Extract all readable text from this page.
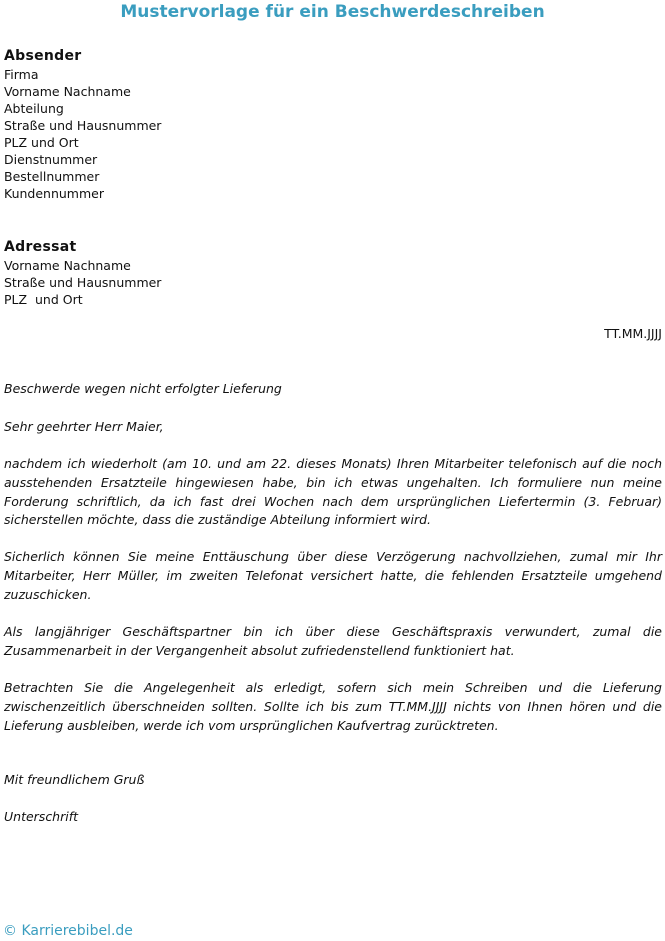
Mustervorlage für ein Beschwerdeschreiben
Absender
Firma
Vorname Nachname
Abteilung
Straße und Hausnummer
PLZ und Ort
Dienstnummer
Bestellnummer
Kundennummer
Adressat
Vorname Nachname
Straße und Hausnummer
PLZ  und Ort
TT.MM.JJJJ
Beschwerde wegen nicht erfolgter Lieferung
Sehr geehrter Herr Maier,
nachdem ich wiederholt (am 10. und am 22. dieses Monats) Ihren Mitarbeiter telefonisch auf die noch ausstehenden Ersatzteile hingewiesen habe, bin ich etwas ungehalten. Ich formuliere nun meine Forderung schriftlich, da ich fast drei Wochen nach dem ursprünglichen Liefertermin (3. Februar) sicherstellen möchte, dass die zuständige Abteilung informiert wird.
Sicherlich können Sie meine Enttäuschung über diese Verzögerung nachvollziehen, zumal mir Ihr Mitarbeiter, Herr Müller, im zweiten Telefonat versichert hatte, die fehlenden Ersatzteile umgehend zuzuschicken.
Als langjähriger Geschäftspartner bin ich über diese Geschäftspraxis verwundert, zumal die Zusammenarbeit in der Vergangenheit absolut zufriedenstellend funktioniert hat.
Betrachten Sie die Angelegenheit als erledigt, sofern sich mein Schreiben und die Lieferung zwischenzeitlich überschneiden sollten. Sollte ich bis zum TT.MM.JJJJ nichts von Ihnen hören und die Lieferung ausbleiben, werde ich vom ursprünglichen Kaufvertrag zurücktreten.
Mit freundlichem Gruß
Unterschrift
© Karrierebibel.de
